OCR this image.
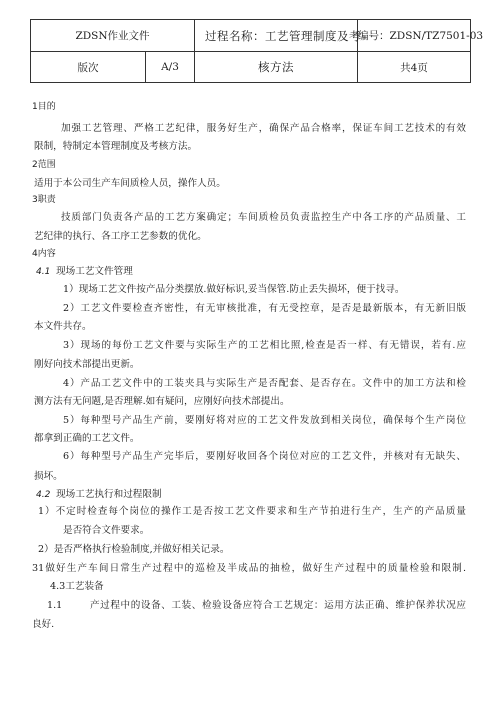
ZDSN作业文件		过程名称：工艺管理制度及考	编号：ZDSN/TZ7501-03
版次	A/3	核方法	共4页
1目的
加强工艺管理、严格工艺纪律，服务好生产，确保产品合格率，保证车间工艺技术的有效
限制，特制定本管理制度及考核方法。
2范围
适用于本公司生产车间质检人员，操作人员。
3职责
技质部门负责各产品的工艺方案确定；车间质检员负责监控生产中各工序的产品质量、工
艺纪律的执行、各工序工艺参数的优化。
4内容
4.1 现场工艺文件管理
1）现场工艺文件按产品分类摆放.做好标识,妥当保管.防止丢失损坏，便于找寻。
2）工艺文件要检查齐密性，有无审核批准，有无受控章，是否是最新版本，有无新旧版
本文件共存。
3）现场的每份工艺文件要与实际生产的工艺相比照,检查是否一样、有无错误，若有.应
刚好向技术部提出更新。
4）产品工艺文件中的工装夹具与实际生产是否配套、是否存在。文件中的加工方法和检
测方法有无问题,是否理解.如有疑问，应刚好向技术部提出。
5）每种型号产品生产前，要刚好将对应的工艺文件发放到相关岗位，确保每个生产岗位
都拿到正确的工艺文件。
6）每种型号产品生产完毕后，要刚好收回各个岗位对应的工艺文件，并核对有无缺失、
损坏。
4.2 现场工艺执行和过程限制
1）不定时检查每个岗位的操作工是否按工艺文件要求和生产节拍进行生产，生产的产品质量
是否符合文件要求。
2）是否严格执行检验制度,并做好相关记录。
31做好生产车间日常生产过程中的巡检及半成品的抽检，做好生产过程中的质量检验和限制.
4.3工艺装备
1.1	产过程中的设备、工装、检验设备应符合工艺规定：运用方法正确、维护保养状况应
良好.
